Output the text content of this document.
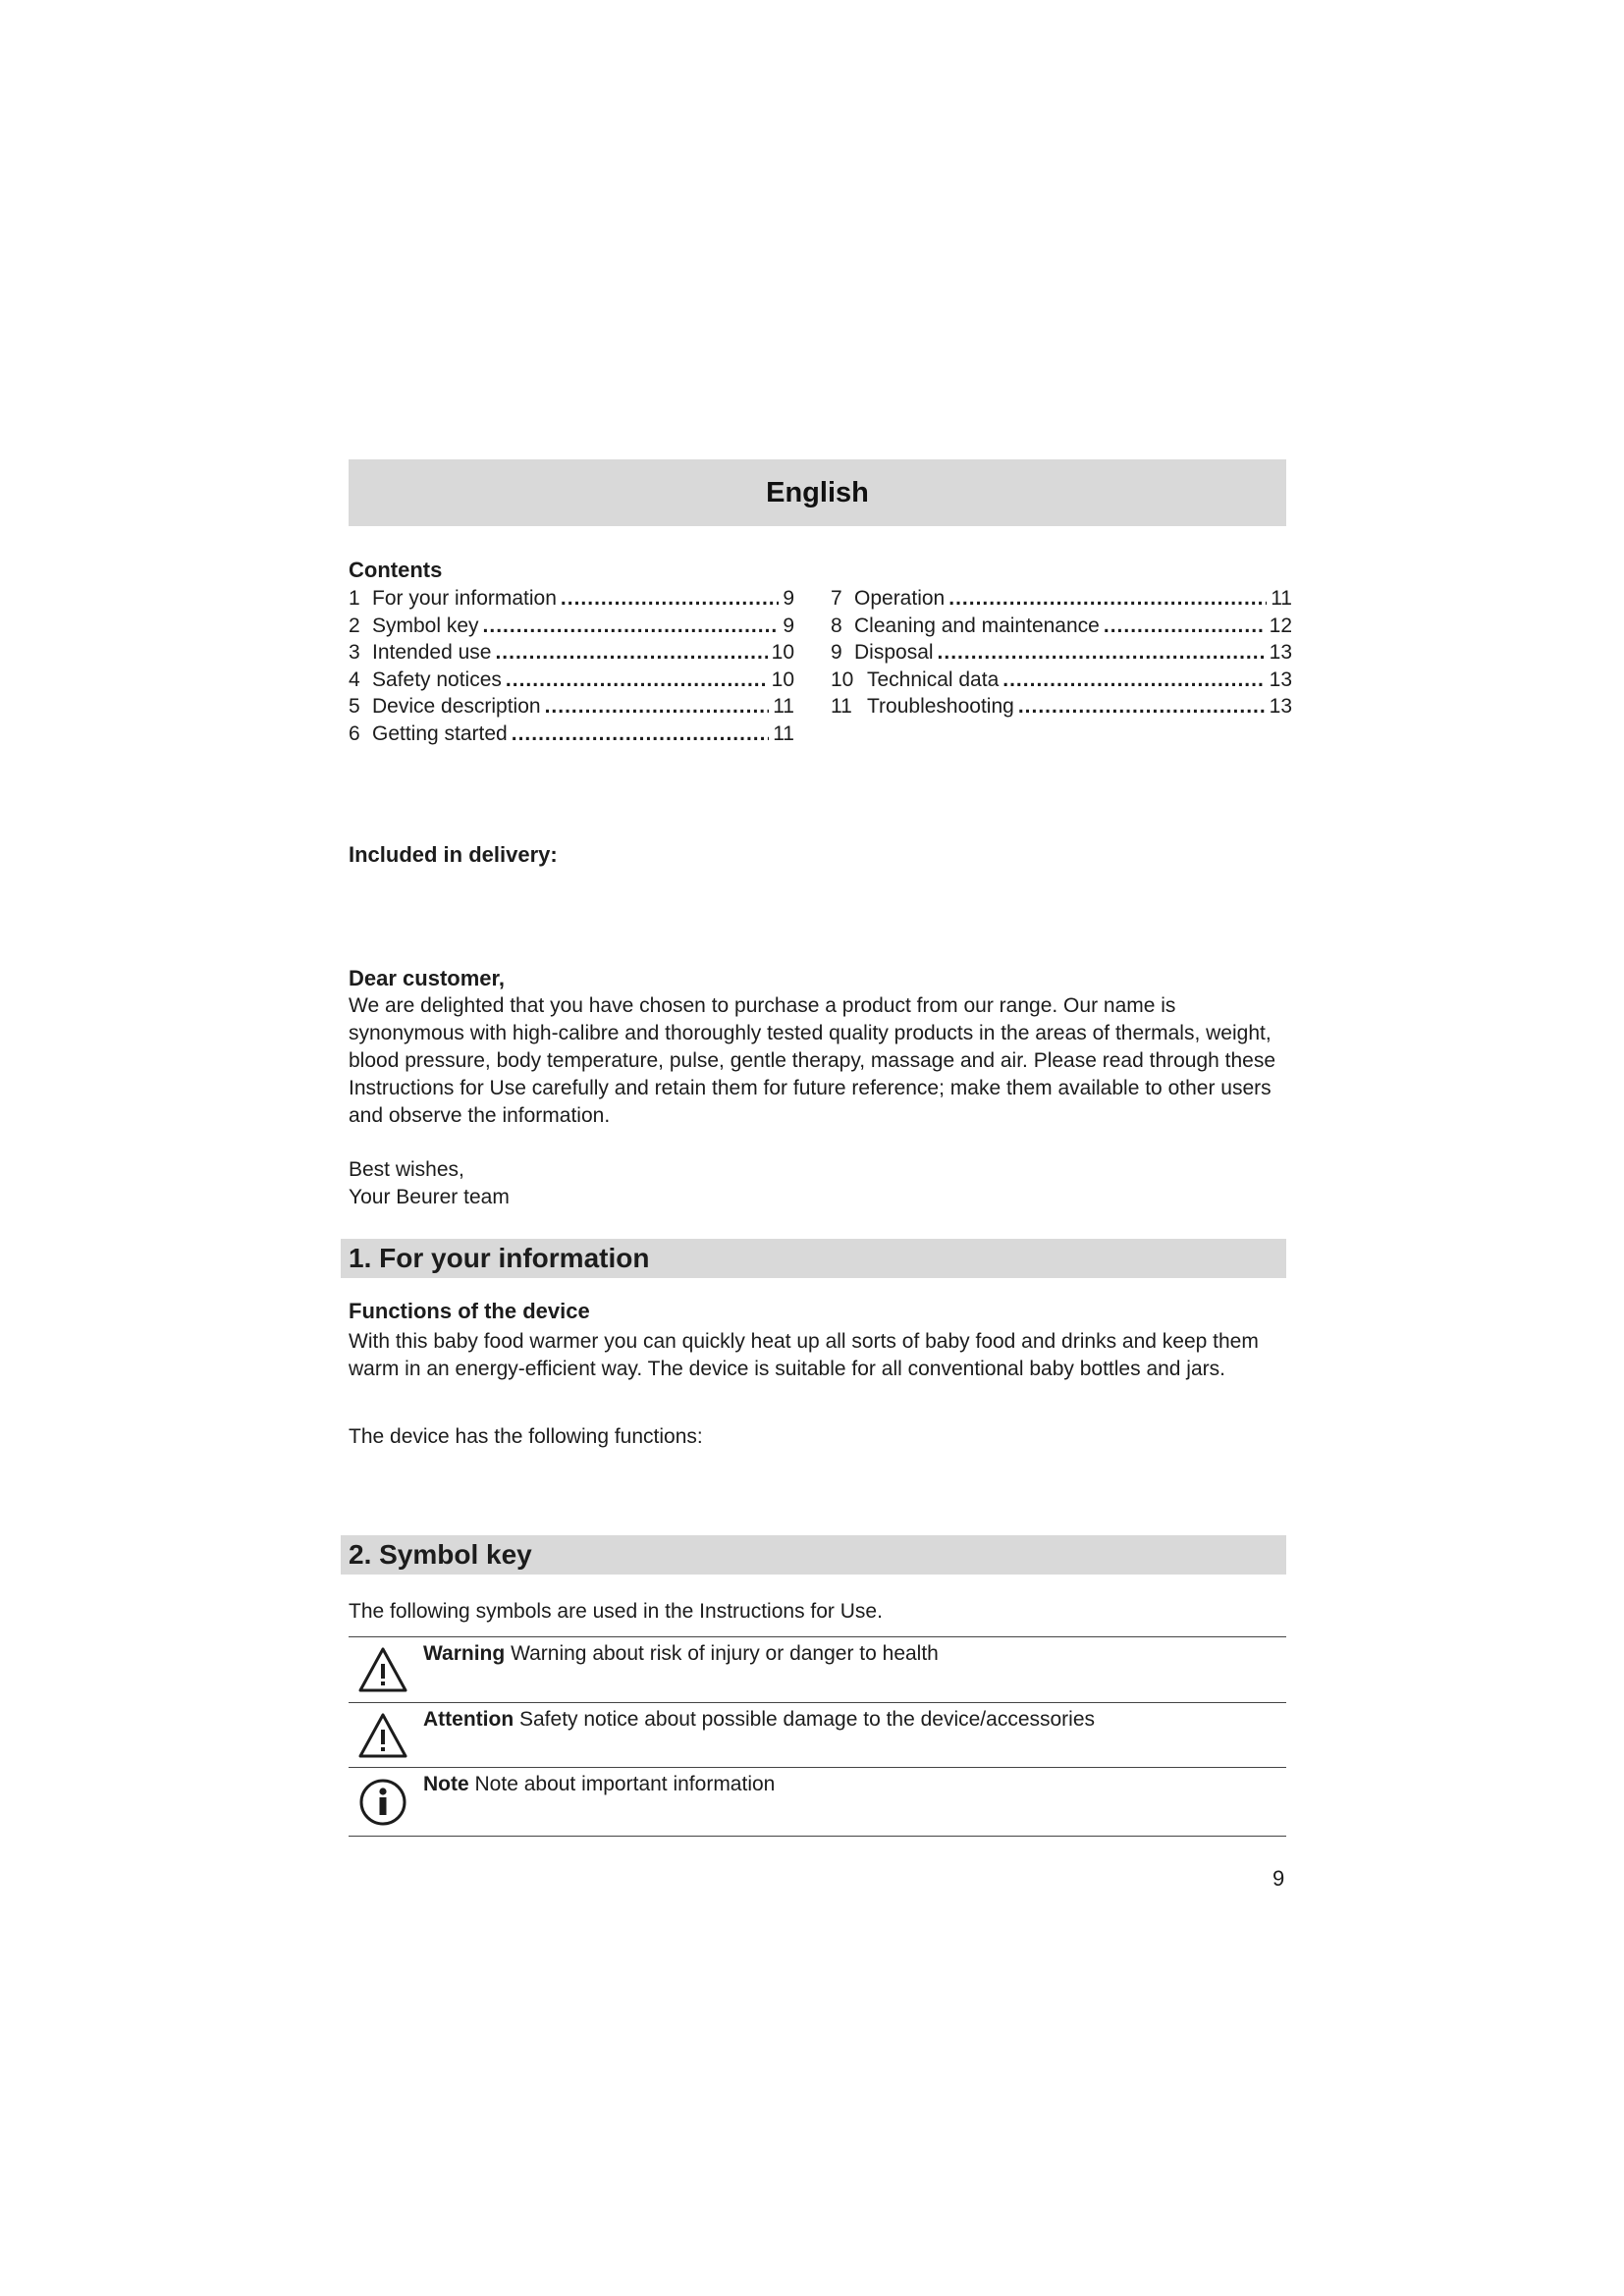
English
Contents
1 For your information .....	9
2 Symbol key .....	9
3 Intended use .....	10
4 Safety notices .....	10
5 Device description .....	11
6 Getting started .....	11
7 Operation .....	11
8 Cleaning and maintenance .....	12
9 Disposal .....	13
10 Technical data .....	13
11 Troubleshooting .....	13
Included in delivery:
Dear customer,

We are delighted that you have chosen to purchase a product from our range. Our name is synonymous with high-calibre and thoroughly tested quality products in the areas of thermals, weight, blood pressure, body temperature, pulse, gentle therapy, massage and air. Please read through these Instructions for Use carefully and retain them for future reference; make them available to other users and observe the information.

Best wishes,
Your Beurer team
1. For your information
Functions of the device

With this baby food warmer you can quickly heat up all sorts of baby food and drinks and keep them warm in an energy-efficient way. The device is suitable for all conventional baby bottles and jars.

The device has the following functions:
2. Symbol key
The following symbols are used in the Instructions for Use.
Warning Warning about risk of injury or danger to health
Attention Safety notice about possible damage to the device/accessories
Note Note about important information
9
